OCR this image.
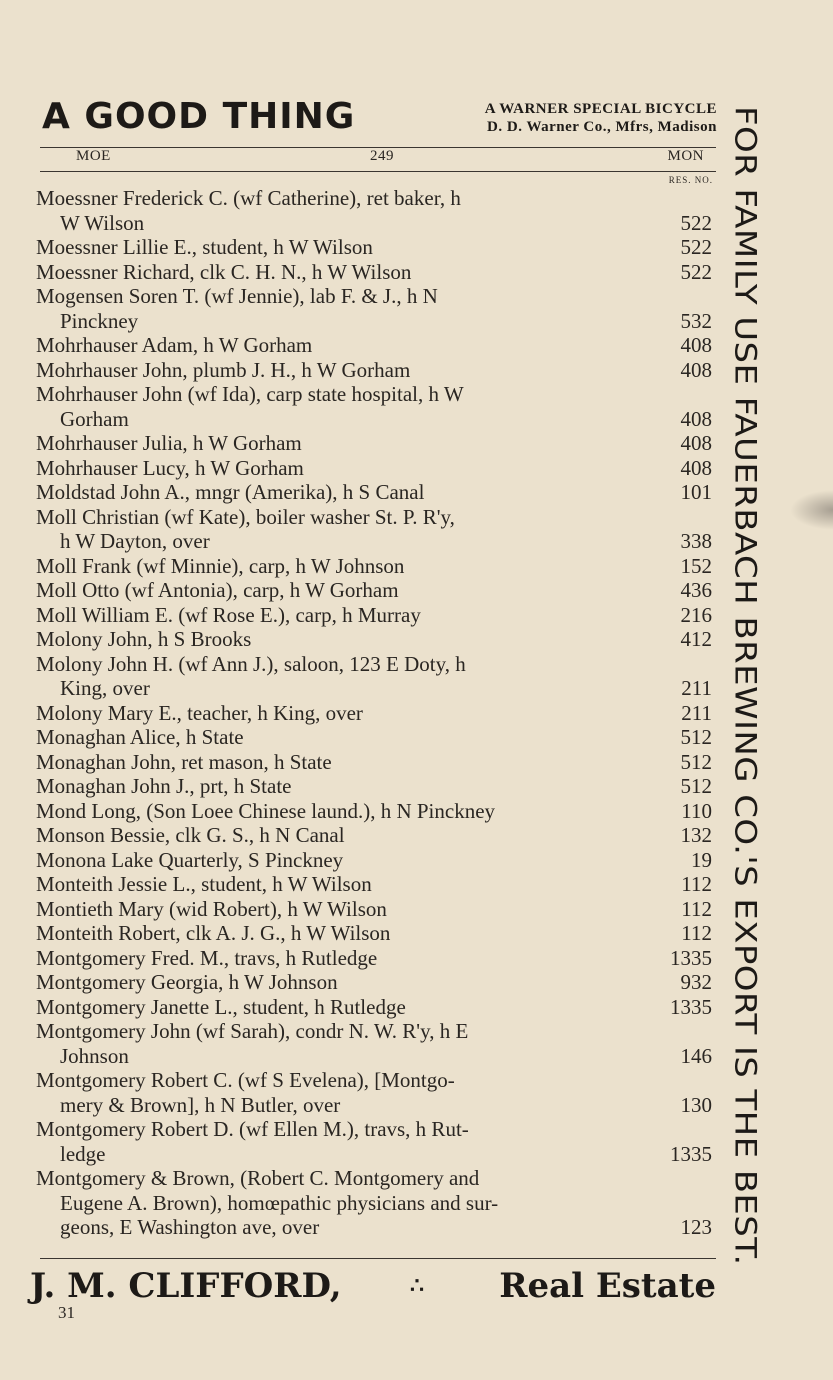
A GOOD THING	A WARNER SPECIAL BICYCLE
D. D. Warner Co., Mfrs, Madison
MOE	249	MON
RES. NO.
Moessner Frederick C. (wf Catherine), ret baker, h
W Wilson	522
Moessner Lillie E., student, h W Wilson	522
Moessner Richard, clk C. H. N., h W Wilson	522
Mogensen Soren T. (wf Jennie), lab F. & J., h N
Pinckney	532
Mohrhauser Adam, h W Gorham	408
Mohrhauser John, plumb J. H., h W Gorham	408
Mohrhauser John (wf Ida), carp state hospital, h W
Gorham	408
Mohrhauser Julia, h W Gorham	408
Mohrhauser Lucy, h W Gorham	408
Moldstad John A., mngr (Amerika), h S Canal	101
Moll Christian (wf Kate), boiler washer St. P. R'y,
h W Dayton, over	338
Moll Frank (wf Minnie), carp, h W Johnson	152
Moll Otto (wf Antonia), carp, h W Gorham	436
Moll William E. (wf Rose E.), carp, h Murray	216
Molony John, h S Brooks	412
Molony John H. (wf Ann J.), saloon, 123 E Doty, h
King, over	211
Molony Mary E., teacher, h King, over	211
Monaghan Alice, h State	512
Monaghan John, ret mason, h State	512
Monaghan John J., prt, h State	512
Mond Long, (Son Loee Chinese laund.), h N Pinckney	110
Monson Bessie, clk G. S., h N Canal	132
Monona Lake Quarterly, S Pinckney	19
Monteith Jessie L., student, h W Wilson	112
Montieth Mary (wid Robert), h W Wilson	112
Monteith Robert, clk A. J. G., h W Wilson	112
Montgomery Fred. M., travs, h Rutledge	1335
Montgomery Georgia, h W Johnson	932
Montgomery Janette L., student, h Rutledge	1335
Montgomery John (wf Sarah), condr N. W. R'y, h E
Johnson	146
Montgomery Robert C. (wf S Evelena), [Montgo-
mery & Brown], h N Butler, over	130
Montgomery Robert D. (wf Ellen M.), travs, h Rut-
ledge	1335
Montgomery & Brown, (Robert C. Montgomery and
Eugene A. Brown), homœpathic physicians and sur-
geons, E Washington ave, over	123
J. M. CLIFFORD,	∴ Real Estate
31
FOR FAMILY USE FAUERBACH BREWING CO.'S EXPORT IS THE BEST.
